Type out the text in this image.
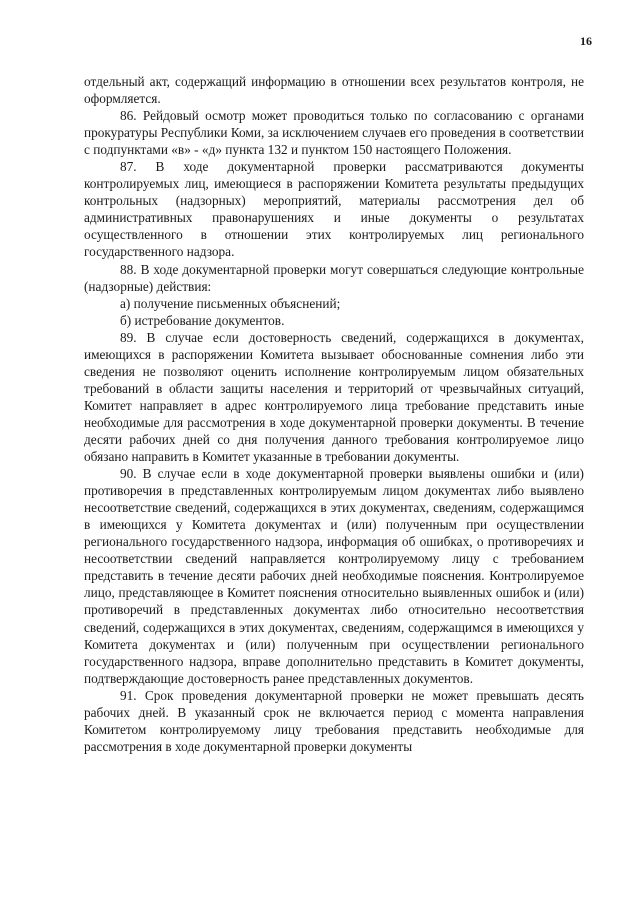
16

отдельный акт, содержащий информацию в отношении всех результатов контроля, не оформляется.

86. Рейдовый осмотр может проводиться только по согласованию с органами прокуратуры Республики Коми, за исключением случаев его проведения в соответствии с подпунктами «в» - «д» пункта 132 и пунктом 150 настоящего Положения.

87. В ходе документарной проверки рассматриваются документы контролируемых лиц, имеющиеся в распоряжении Комитета результаты предыдущих контрольных (надзорных) мероприятий, материалы рассмотрения дел об административных правонарушениях и иные документы о результатах осуществленного в отношении этих контролируемых лиц регионального государственного надзора.

88. В ходе документарной проверки могут совершаться следующие контрольные (надзорные) действия:

а) получение письменных объяснений;

б) истребование документов.

89. В случае если достоверность сведений, содержащихся в документах, имеющихся в распоряжении Комитета вызывает обоснованные сомнения либо эти сведения не позволяют оценить исполнение контролируемым лицом обязательных требований в области защиты населения и территорий от чрезвычайных ситуаций, Комитет направляет в адрес контролируемого лица требование представить иные необходимые для рассмотрения в ходе документарной проверки документы. В течение десяти рабочих дней со дня получения данного требования контролируемое лицо обязано направить в Комитет указанные в требовании документы.

90. В случае если в ходе документарной проверки выявлены ошибки и (или) противоречия в представленных контролируемым лицом документах либо выявлено несоответствие сведений, содержащихся в этих документах, сведениям, содержащимся в имеющихся у Комитета документах и (или) полученным при осуществлении регионального государственного надзора, информация об ошибках, о противоречиях и несоответствии сведений направляется контролируемому лицу с требованием представить в течение десяти рабочих дней необходимые пояснения. Контролируемое лицо, представляющее в Комитет пояснения относительно выявленных ошибок и (или) противоречий в представленных документах либо относительно несоответствия сведений, содержащихся в этих документах, сведениям, содержащимся в имеющихся у Комитета документах и (или) полученным при осуществлении регионального государственного надзора, вправе дополнительно представить в Комитет документы, подтверждающие достоверность ранее представленных документов.

91. Срок проведения документарной проверки не может превышать десять рабочих дней. В указанный срок не включается период с момента направления Комитетом контролируемому лицу требования представить необходимые для рассмотрения в ходе документарной проверки документы
